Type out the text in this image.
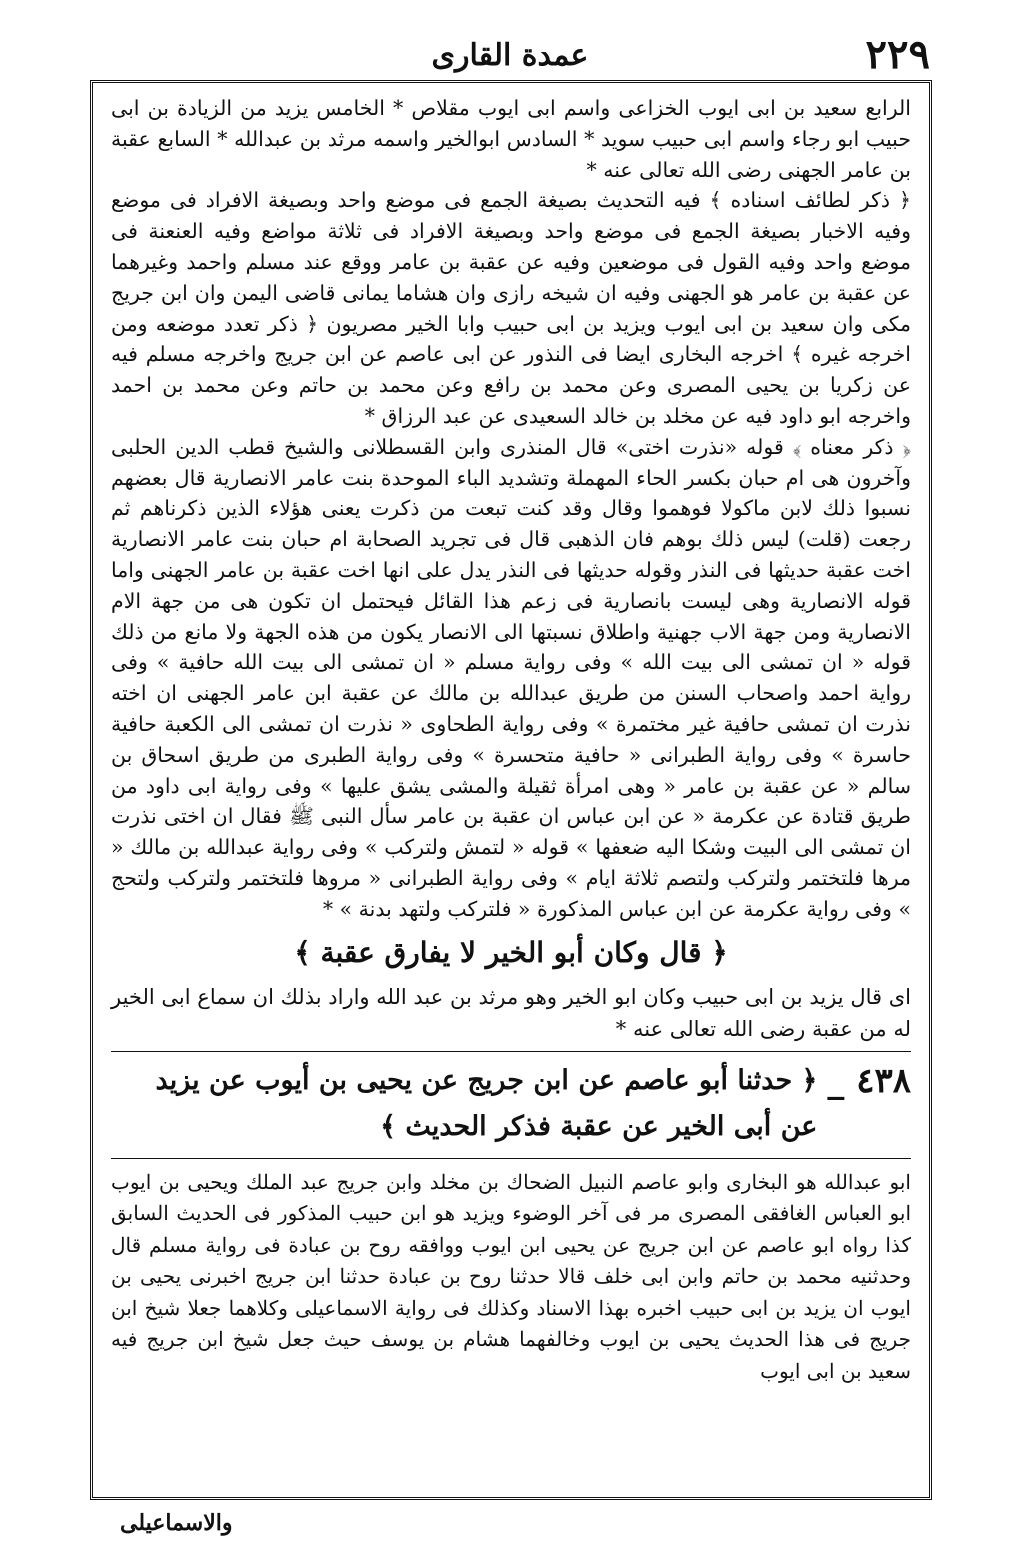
٢٢٩
عمدة القارى

الرابع سعيد بن ابى ايوب الخزاعى واسم ابى ايوب مقلاص * الخامس يزيد من الزيادة بن ابى حبيب ابو رجاء واسم ابى حبيب سويد * السادس ابوالخير واسمه مرثد بن عبدالله * السابع عقبة بن عامر الجهنى رضى الله تعالى عنه *

﴿ ذكر لطائف اسناده ﴾ فيه التحديث بصيغة الجمع فى موضع واحد وبصيغة الافراد فى موضع وفيه الاخبار بصيغة الجمع فى موضع واحد وبصيغة الافراد فى ثلاثة مواضع وفيه العنعنة فى موضع واحد وفيه القول فى موضعين وفيه عن عقبة بن عامر ووقع عند مسلم واحمد وغيرهما عن عقبة بن عامر هو الجهنى وفيه ان شيخه رازى وان هشاما يمانى قاضى اليمن وان ابن جريج مكى وان سعيد بن ابى ايوب ويزيد بن ابى حبيب وابا الخير مصريون ﴿ ذكر تعدد موضعه ومن اخرجه غيره ﴾ اخرجه البخارى ايضا فى النذور عن ابى عاصم عن ابن جريج واخرجه مسلم فيه عن زكريا بن يحيى المصرى وعن محمد بن رافع وعن محمد بن حاتم وعن محمد بن احمد واخرجه ابو داود فيه عن مخلد بن خالد السعيدى عن عبد الرزاق *

﴿ ذكر معناه ﴾ قوله «نذرت اختى» قال المنذرى وابن القسطلانى والشيخ قطب الدين الحلبى وآخرون هى ام حبان بكسر الحاء المهملة وتشديد الباء الموحدة بنت عامر الانصارية قال بعضهم نسبوا ذلك لابن ماكولا فوهموا وقال وقد كنت تبعت من ذكرت يعنى هؤلاء الذين ذكرناهم ثم رجعت (قلت) ليس ذلك بوهم فان الذهبى قال فى تجريد الصحابة ام حبان بنت عامر الانصارية اخت عقبة حديثها فى النذر وقوله حديثها فى النذر يدل على انها اخت عقبة بن عامر الجهنى واما قوله الانصارية وهى ليست بانصارية فى زعم هذا القائل فيحتمل ان تكون هى من جهة الام الانصارية ومن جهة الاب جهنية واطلاق نسبتها الى الانصار يكون من هذه الجهة ولا مانع من ذلك قوله « ان تمشى الى بيت الله » وفى رواية مسلم « ان تمشى الى بيت الله حافية » وفى رواية احمد واصحاب السنن من طريق عبدالله بن مالك عن عقبة ابن عامر الجهنى ان اخته نذرت ان تمشى حافية غير مختمرة » وفى رواية الطحاوى « نذرت ان تمشى الى الكعبة حافية حاسرة » وفى رواية الطبرانى « حافية متحسرة » وفى رواية الطبرى من طريق اسحاق بن سالم « عن عقبة بن عامر « وهى امرأة ثقيلة والمشى يشق عليها » وفى رواية ابى داود من طريق قتادة عن عكرمة « عن ابن عباس ان عقبة بن عامر سأل النبى ﷺ فقال ان اختى نذرت ان تمشى الى البيت وشكا اليه ضعفها » قوله « لتمش ولتركب » وفى رواية عبدالله بن مالك « مرها فلتختمر ولتركب ولتصم ثلاثة ايام » وفى رواية الطبرانى « مروها فلتختمر ولتركب ولتحج » وفى رواية عكرمة عن ابن عباس المذكورة « فلتركب ولتهد بدنة » *

﴿ قال وكان أبو الخير لا يفارق عقبة ﴾

اى قال يزيد بن ابى حبيب وكان ابو الخير وهو مرثد بن عبد الله واراد بذلك ان سماع ابى الخير له من عقبة رضى الله تعالى عنه *

٤٣٨ _
﴿ حدثنا أبو عاصم عن ابن جريج عن يحيى بن أيوب عن يزيد عن أبى الخير عن عقبة فذكر الحديث ﴾

ابو عبدالله هو البخارى وابو عاصم النبيل الضحاك بن مخلد وابن جريج عبد الملك ويحيى بن ايوب ابو العباس الغافقى المصرى مر فى آخر الوضوء ويزيد هو ابن حبيب المذكور فى الحديث السابق كذا رواه ابو عاصم عن ابن جريج عن يحيى ابن ايوب ووافقه روح بن عبادة فى رواية مسلم قال وحدثنيه محمد بن حاتم وابن ابى خلف قالا حدثنا روح بن عبادة حدثنا ابن جريج اخبرنى يحيى بن ايوب ان يزيد بن ابى حبيب اخبره بهذا الاسناد وكذلك فى رواية الاسماعيلى وكلاهما جعلا شيخ ابن جريج فى هذا الحديث يحيى بن ايوب وخالفهما هشام بن يوسف حيث جعل شيخ ابن جريج فيه سعيد بن ابى ايوب

والاسماعيلى
